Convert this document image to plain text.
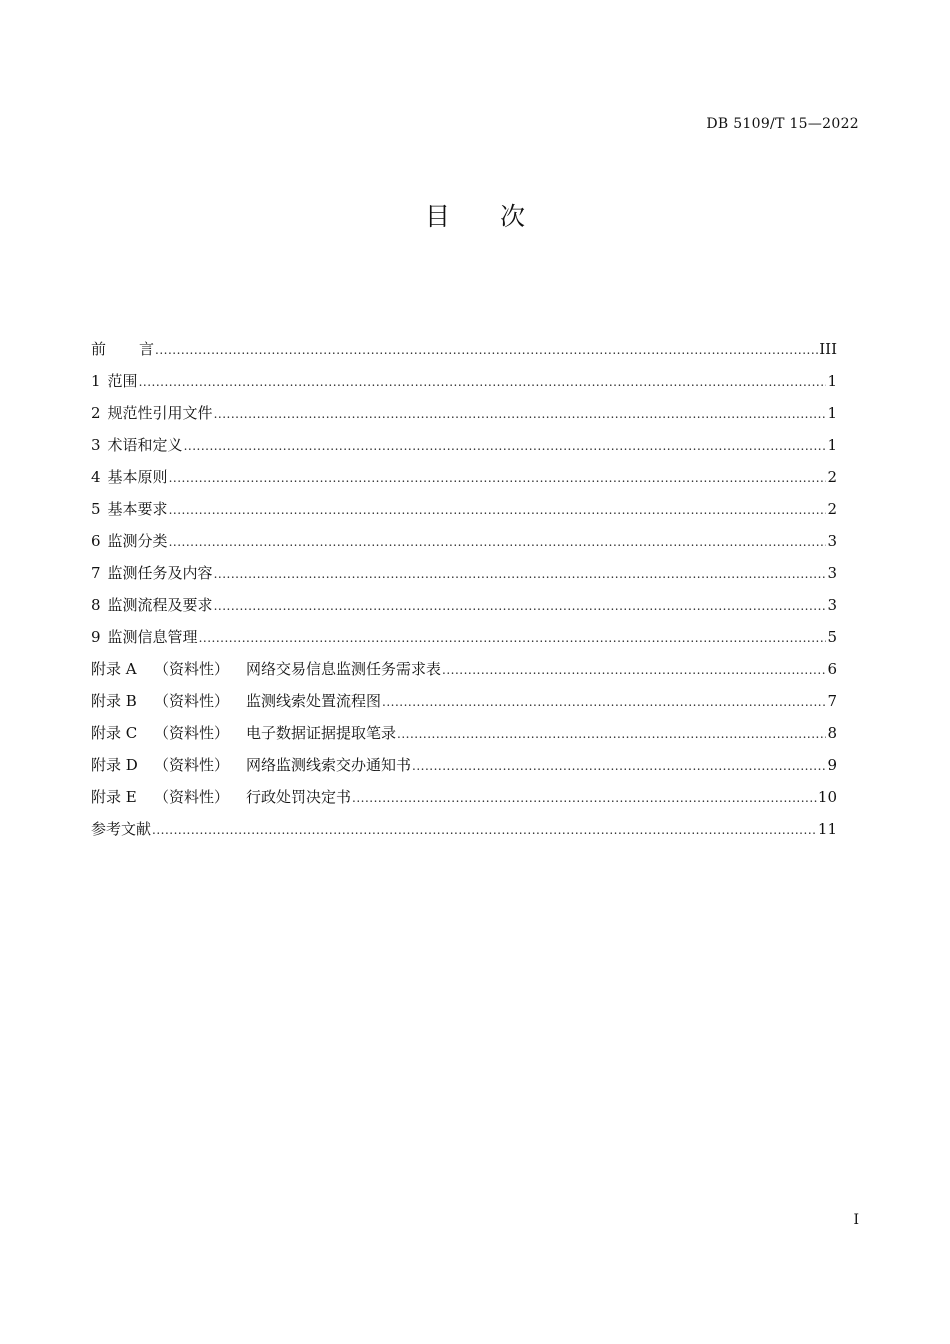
DB 5109/T 15—2022
目 次
前 言 .....	III
1 范围 .....	1
2 规范性引用文件 .....	1
3 术语和定义 .....	1
4 基本原则 .....	2
5 基本要求 .....	2
6 监测分类 .....	3
7 监测任务及内容 .....	3
8 监测流程及要求 .....	3
9 监测信息管理 .....	5
附录 A （资料性） 网络交易信息监测任务需求表 .....	6
附录 B （资料性） 监测线索处置流程图 .....	7
附录 C （资料性） 电子数据证据提取笔录 .....	8
附录 D （资料性） 网络监测线索交办通知书 .....	9
附录 E （资料性） 行政处罚决定书 .....	10
参考文献 .....	11
I
